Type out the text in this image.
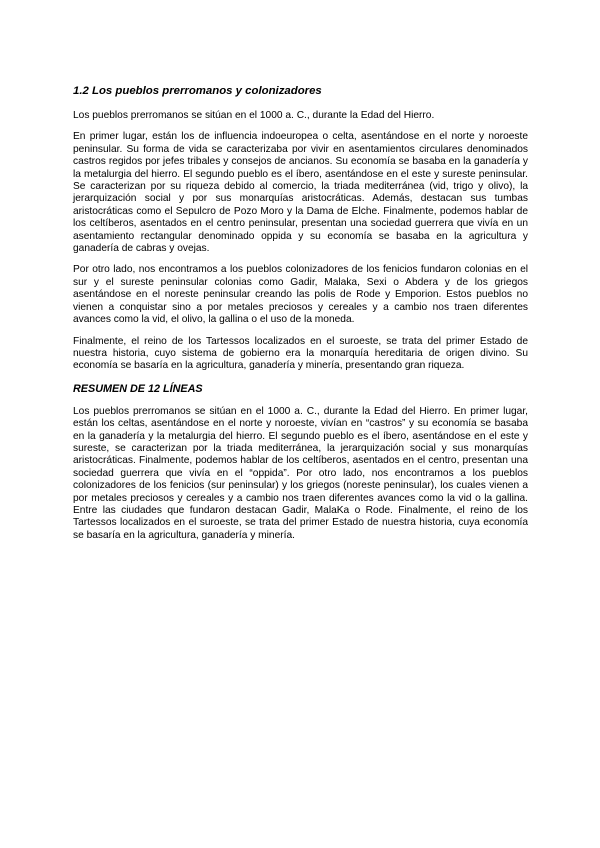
1.2 Los pueblos prerromanos y colonizadores

Los pueblos prerromanos se sitúan en el 1000 a. C., durante la Edad del Hierro.

En primer lugar, están los de influencia indoeuropea o celta, asentándose en el norte y noroeste peninsular. Su forma de vida se caracterizaba por vivir en asentamientos circulares denominados castros regidos por jefes tribales y consejos de ancianos. Su economía se basaba en la ganadería y la metalurgia del hierro. El segundo pueblo es el íbero, asentándose en el este y sureste peninsular. Se caracterizan por su riqueza debido al comercio, la triada mediterránea (vid, trigo y olivo), la jerarquización social y por sus monarquías aristocráticas. Además, destacan sus tumbas aristocráticas como el Sepulcro de Pozo Moro y la Dama de Elche. Finalmente, podemos hablar de los celtíberos, asentados en el centro peninsular, presentan una sociedad guerrera que vivía en un asentamiento rectangular denominado oppida y su economía se basaba en la agricultura y ganadería de cabras y ovejas.

Por otro lado, nos encontramos a los pueblos colonizadores de los fenicios fundaron colonias en el sur y el sureste peninsular colonias como Gadir, Malaka, Sexi o Abdera y de los griegos asentándose en el noreste peninsular creando las polis de Rode y Emporion. Estos pueblos no vienen a conquistar sino a por metales preciosos y cereales y a cambio nos traen diferentes avances como la vid, el olivo, la gallina o el uso de la moneda.

Finalmente, el reino de los Tartessos localizados en el suroeste, se trata del primer Estado de nuestra historia, cuyo sistema de gobierno era la monarquía hereditaria de origen divino. Su economía se basaría en la agricultura, ganadería y minería, presentando gran riqueza.

RESUMEN DE 12 LÍNEAS

Los pueblos prerromanos se sitúan en el 1000 a. C., durante la Edad del Hierro. En primer lugar, están los celtas, asentándose en el norte y noroeste, vivían en “castros” y su economía se basaba en la ganadería y la metalurgia del hierro. El segundo pueblo es el íbero, asentándose en el este y sureste, se caracterizan por la triada mediterránea, la jerarquización social y sus monarquías aristocráticas. Finalmente, podemos hablar de los celtíberos, asentados en el centro, presentan una sociedad guerrera que vivía en el “oppida”. Por otro lado, nos encontramos a los pueblos colonizadores de los fenicios (sur peninsular) y los griegos (noreste peninsular), los cuales vienen a por metales preciosos y cereales y a cambio nos traen diferentes avances como la vid o la gallina. Entre las ciudades que fundaron destacan Gadir, MalaKa o Rode. Finalmente, el reino de los Tartessos localizados en el suroeste, se trata del primer Estado de nuestra historia, cuya economía se basaría en la agricultura, ganadería y minería.
